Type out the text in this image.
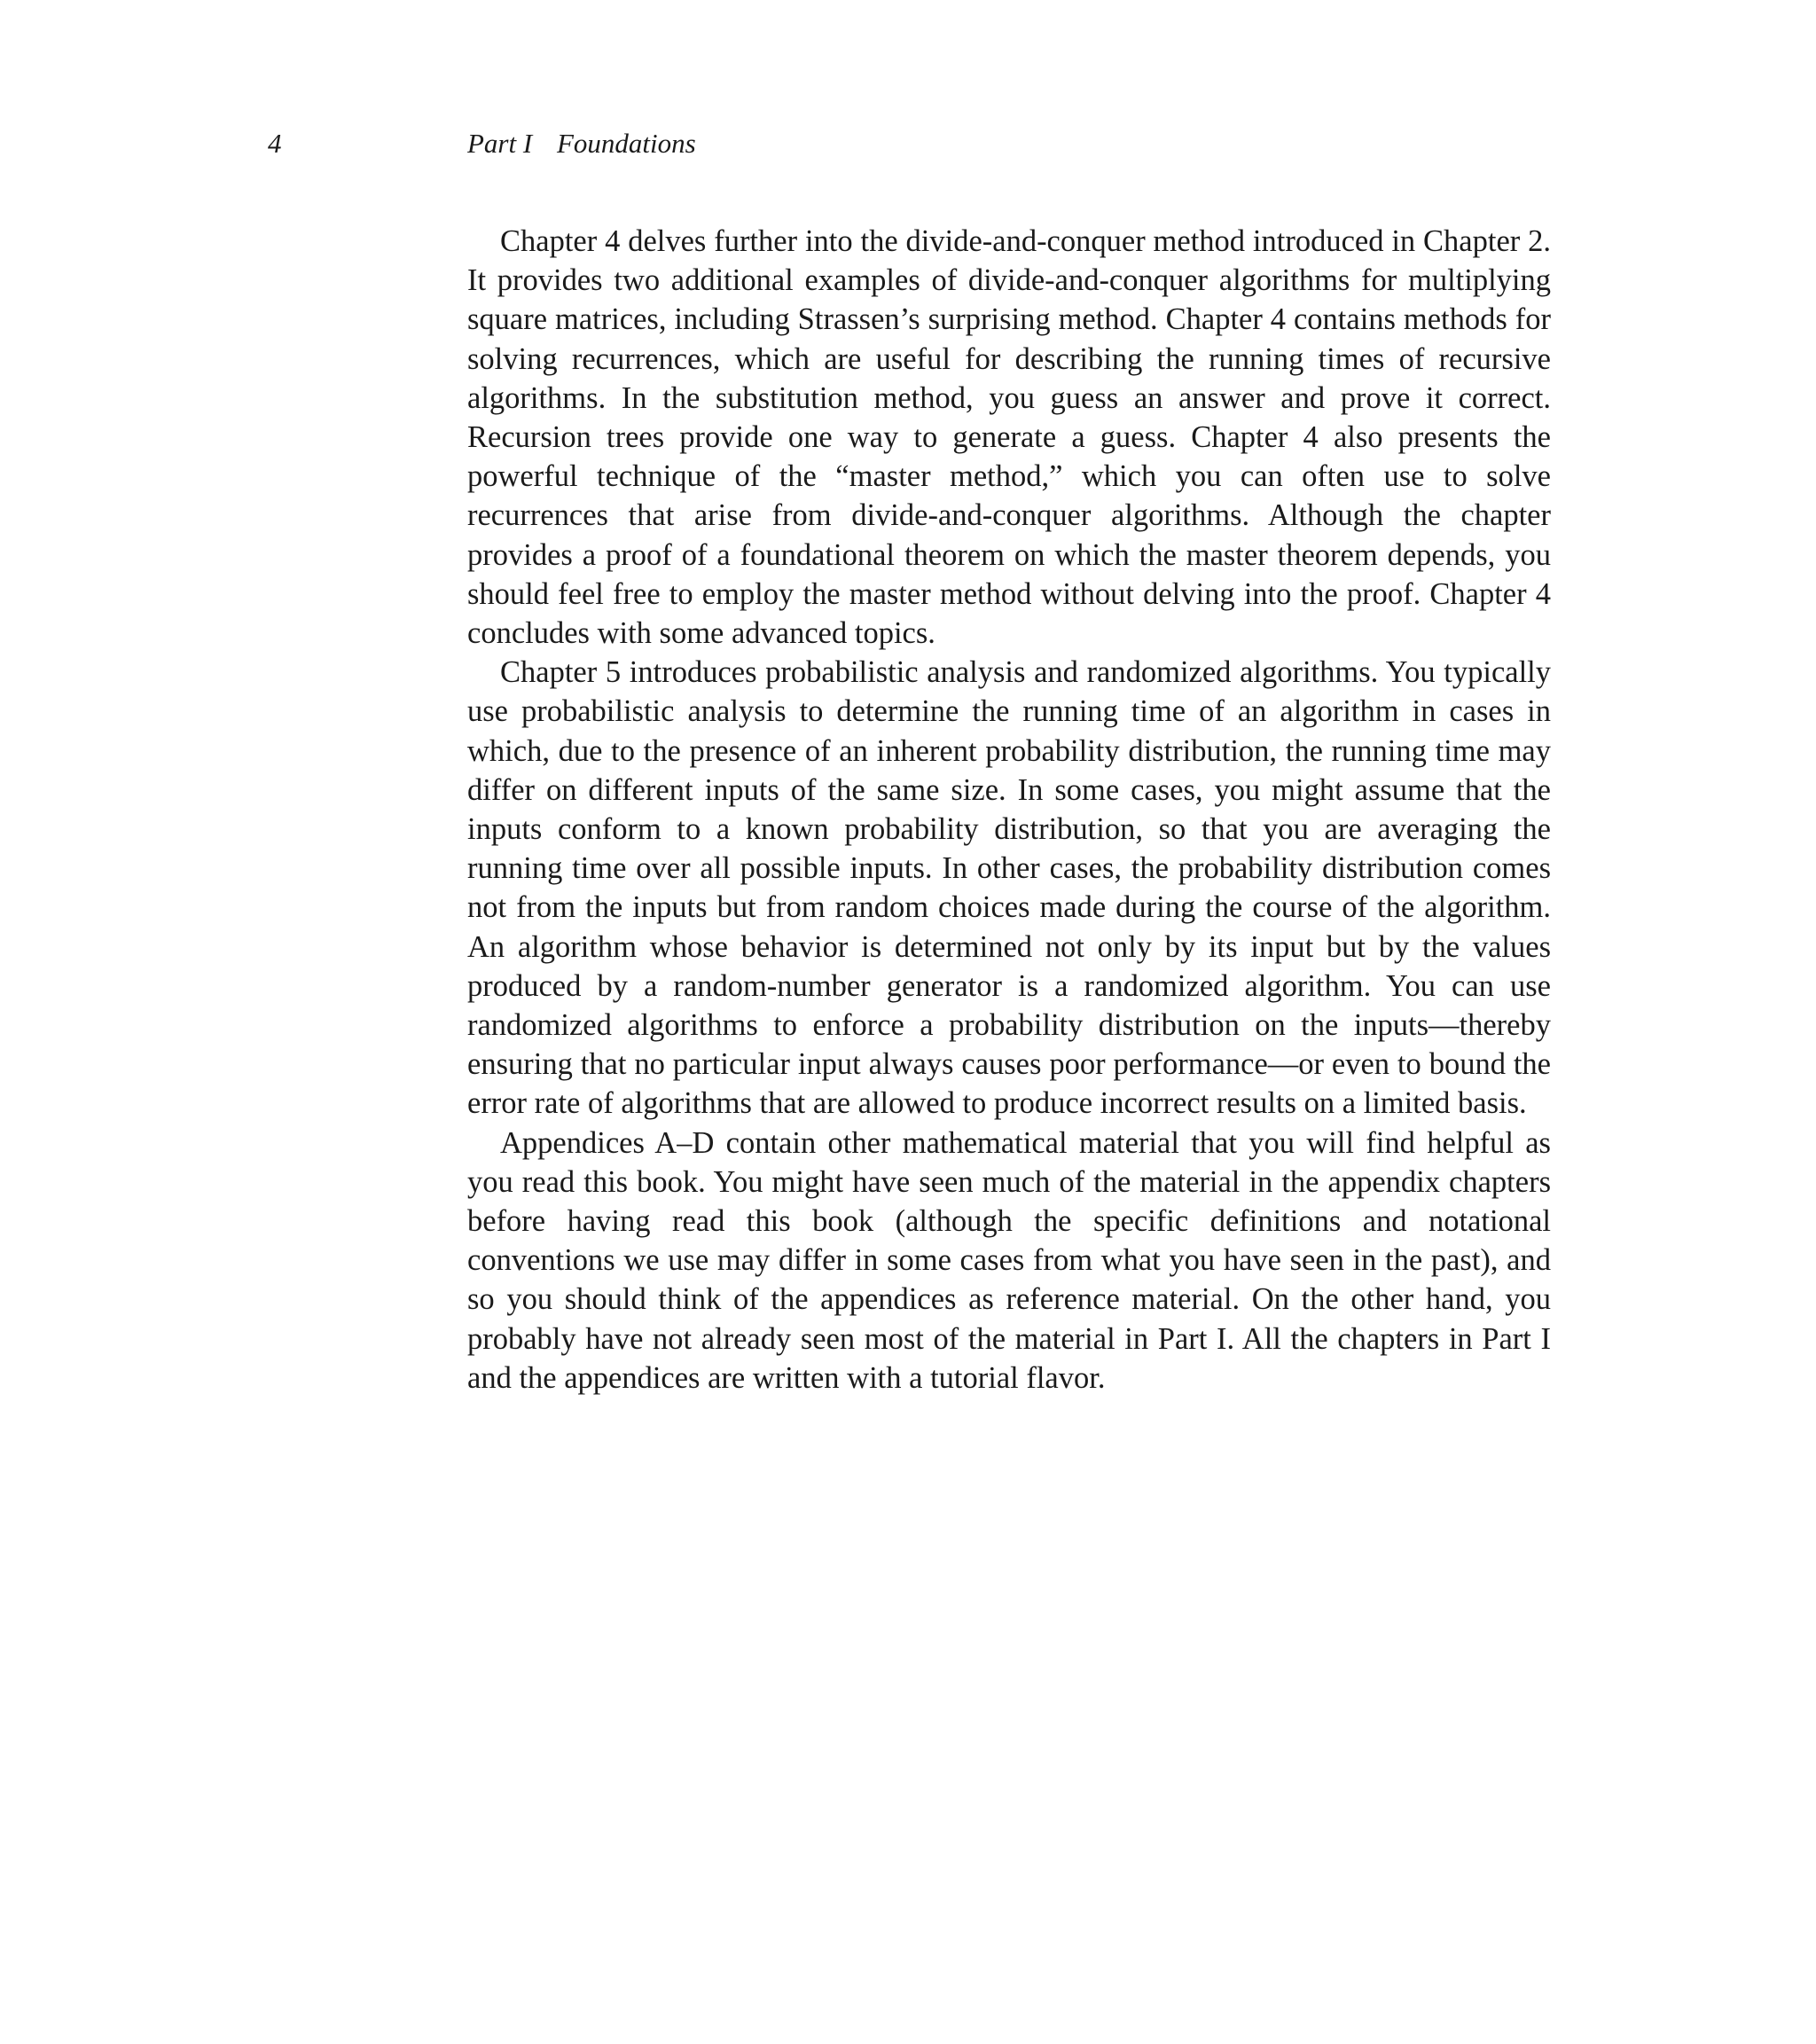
4	Part I Foundations

Chapter 4 delves further into the divide-and-conquer method introduced in Chapter 2. It provides two additional examples of divide-and-conquer algorithms for multiplying square matrices, including Strassen’s surprising method. Chapter 4 contains methods for solving recurrences, which are useful for describing the running times of recursive algorithms. In the substitution method, you guess an answer and prove it correct. Recursion trees provide one way to generate a guess. Chapter 4 also presents the powerful technique of the “master method,” which you can often use to solve recurrences that arise from divide-and-conquer algorithms. Although the chapter provides a proof of a foundational theorem on which the master theorem depends, you should feel free to employ the master method without delving into the proof. Chapter 4 concludes with some advanced topics.

Chapter 5 introduces probabilistic analysis and randomized algorithms. You typically use probabilistic analysis to determine the running time of an algorithm in cases in which, due to the presence of an inherent probability distribution, the running time may differ on different inputs of the same size. In some cases, you might assume that the inputs conform to a known probability distribution, so that you are averaging the running time over all possible inputs. In other cases, the probability distribution comes not from the inputs but from random choices made during the course of the algorithm. An algorithm whose behavior is determined not only by its input but by the values produced by a random-number generator is a randomized algorithm. You can use randomized algorithms to enforce a probability distribution on the inputs—thereby ensuring that no particular input always causes poor performance—or even to bound the error rate of algorithms that are allowed to produce incorrect results on a limited basis.

Appendices A–D contain other mathematical material that you will find helpful as you read this book. You might have seen much of the material in the appendix chapters before having read this book (although the specific definitions and notational conventions we use may differ in some cases from what you have seen in the past), and so you should think of the appendices as reference material. On the other hand, you probably have not already seen most of the material in Part I. All the chapters in Part I and the appendices are written with a tutorial flavor.
